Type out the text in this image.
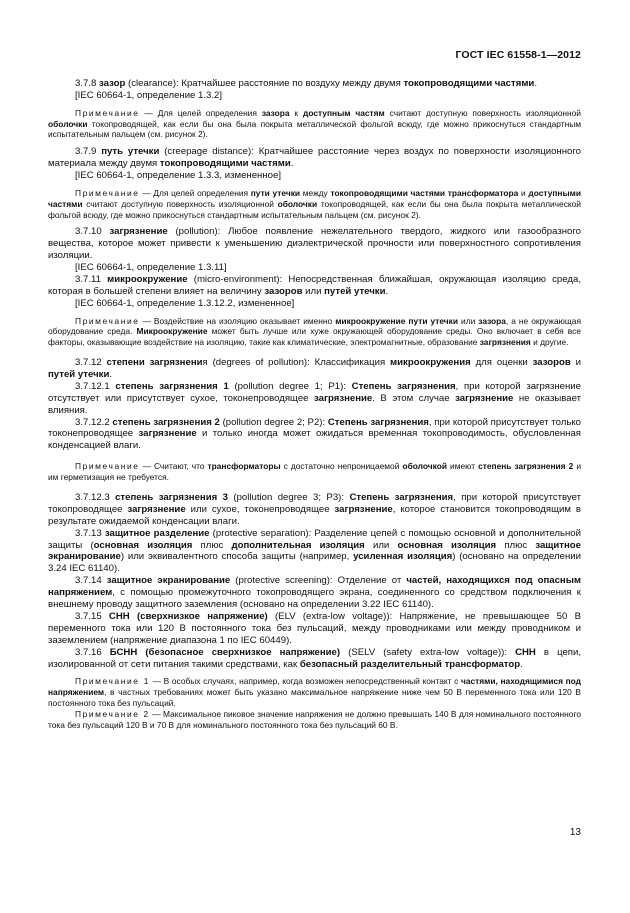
ГОСТ IEC 61558-1—2012

3.7.8 зазор (clearance): Кратчайшее расстояние по воздуху между двумя токопроводящими частями.

[IEC 60664-1, определение 1.3.2]

Примечание — Для целей определения зазора к доступным частям считают доступную поверхность изоляционной оболочки токопроводящей, как если бы она была покрыта металлической фольгой всюду, где можно прикоснуться стандартным испытательным пальцем (см. рисунок 2).

3.7.9 путь утечки (creepage distance): Кратчайшее расстояние через воздух по поверхности изоляционного материала между двумя токопроводящими частями.

[IEC 60664-1, определение 1.3.3, измененное]

Примечание — Для целей определения пути утечки между токопроводящими частями трансформатора и доступными частями считают доступную поверхность изоляционной оболочки токопроводящей, как если бы она была покрыта металлической фольгой всюду, где можно прикоснуться стандартным испытательным пальцем (см. рисунок 2).

3.7.10 загрязнение (pollution): Любое появление нежелательного твердого, жидкого или газообразного вещества, которое может привести к уменьшению диэлектрической прочности или поверхностного сопротивления изоляции.

[IEC 60664-1, определение 1.3.11]

3.7.11 микроокружение (micro-environment): Непосредственная ближайшая, окружающая изоляцию среда, которая в большей степени влияет на величину зазоров или путей утечки.

[IEC 60664-1, определение 1.3.12.2, измененное]

Примечание — Воздействие на изоляцию оказывает именно микроокружение пути утечки или зазора, а не окружающая оборудование среда. Микроокружение может быть лучше или хуже окружающей оборудование среды. Оно включает в себя все факторы, оказывающие воздействие на изоляцию, такие как климатические, электромагнитные, образование загрязнения и другие.

3.7.12 степени загрязнения (degrees of pollution): Классификация микроокружения для оценки зазоров и путей утечки.

3.7.12.1 степень загрязнения 1 (pollution degree 1; P1): Степень загрязнения, при которой загрязнение отсутствует или присутствует сухое, токонепроводящее загрязнение. В этом случае загрязнение не оказывает влияния.

3.7.12.2 степень загрязнения 2 (pollution degree 2; P2): Степень загрязнения, при которой присутствует только токонепроводящее загрязнение и только иногда может ожидаться временная токопроводимость, обусловленная конденсацией влаги.

Примечание — Считают, что трансформаторы с достаточно непроницаемой оболочкой имеют степень загрязнения 2 и им герметизация не требуется.

3.7.12.3 степень загрязнения 3 (pollution degree 3; P3): Степень загрязнения, при которой присутствует токопроводящее загрязнение или сухое, токонепроводящее загрязнение, которое становится токопроводящим в результате ожидаемой конденсации влаги.

3.7.13 защитное разделение (protective separation): Разделение цепей с помощью основной и дополнительной защиты (основная изоляция плюс дополнительная изоляция или основная изоляция плюс защитное экранирование) или эквивалентного способа защиты (например, усиленная изоляция) (основано на определении 3.24 IEC 61140).

3.7.14 защитное экранирование (protective screening): Отделение от частей, находящихся под опасным напряжением, с помощью промежуточного токопроводящего экрана, соединенного со средством подключения к внешнему проводу защитного заземления (основано на определении 3.22 IEC 61140).

3.7.15 СНН (сверхнизкое напряжение) (ELV (extra-low voltage)): Напряжение, не превышающее 50 В переменного тока или 120 В постоянного тока без пульсаций, между проводниками или между проводником и заземлением (напряжение диапазона 1 по IEC 60449).

3.7.16 БСНН (безопасное сверхнизкое напряжение) (SELV (safety extra-low voltage)): СНН в цепи, изолированной от сети питания такими средствами, как безопасный разделительный трансформатор.

Примечание 1 — В особых случаях, например, когда возможен непосредственный контакт с частями, находящимися под напряжением, в частных требованиях может быть указано максимальное напряжение ниже чем 50 В переменного тока или 120 В постоянного тока без пульсаций.

Примечание 2 — Максимальное пиковое значение напряжения не должно превышать 140 В для номинального постоянного тока без пульсаций 120 В и 70 В для номинального постоянного тока без пульсаций 60 В.

13
